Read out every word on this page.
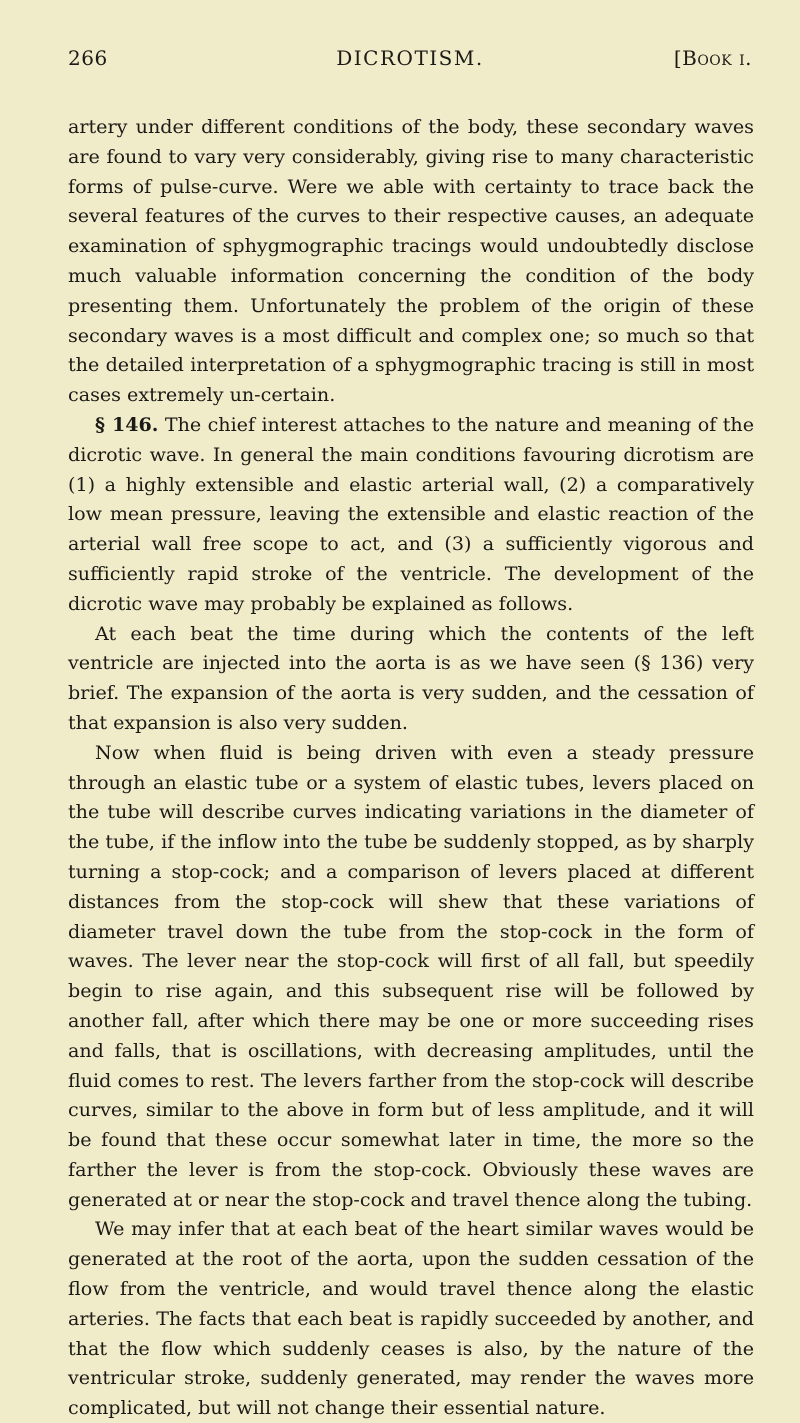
266	DICROTISM.	[Book i.

artery under different conditions of the body, these secondary waves are found to vary very considerably, giving rise to many characteristic forms of pulse-curve. Were we able with certainty to trace back the several features of the curves to their respective causes, an adequate examination of sphygmographic tracings would undoubtedly disclose much valuable information concerning the condition of the body presenting them. Unfortunately the problem of the origin of these secondary waves is a most difficult and complex one; so much so that the detailed interpretation of a sphygmographic tracing is still in most cases extremely un-certain.

§ 146. The chief interest attaches to the nature and meaning of the dicrotic wave. In general the main conditions favouring dicrotism are (1) a highly extensible and elastic arterial wall, (2) a comparatively low mean pressure, leaving the extensible and elastic reaction of the arterial wall free scope to act, and (3) a sufficiently vigorous and sufficiently rapid stroke of the ventricle. The development of the dicrotic wave may probably be explained as follows.

At each beat the time during which the contents of the left ventricle are injected into the aorta is as we have seen (§ 136) very brief. The expansion of the aorta is very sudden, and the cessation of that expansion is also very sudden.

Now when fluid is being driven with even a steady pressure through an elastic tube or a system of elastic tubes, levers placed on the tube will describe curves indicating variations in the diameter of the tube, if the inflow into the tube be suddenly stopped, as by sharply turning a stop-cock; and a comparison of levers placed at different distances from the stop-cock will shew that these variations of diameter travel down the tube from the stop-cock in the form of waves. The lever near the stop-cock will first of all fall, but speedily begin to rise again, and this subsequent rise will be followed by another fall, after which there may be one or more succeeding rises and falls, that is oscillations, with decreasing amplitudes, until the fluid comes to rest. The levers farther from the stop-cock will describe curves, similar to the above in form but of less amplitude, and it will be found that these occur somewhat later in time, the more so the farther the lever is from the stop-cock. Obviously these waves are generated at or near the stop-cock and travel thence along the tubing.

We may infer that at each beat of the heart similar waves would be generated at the root of the aorta, upon the sudden cessation of the flow from the ventricle, and would travel thence along the elastic arteries. The facts that each beat is rapidly succeeded by another, and that the flow which suddenly ceases is also, by the nature of the ventricular stroke, suddenly generated, may render the waves more complicated, but will not change their essential nature.
